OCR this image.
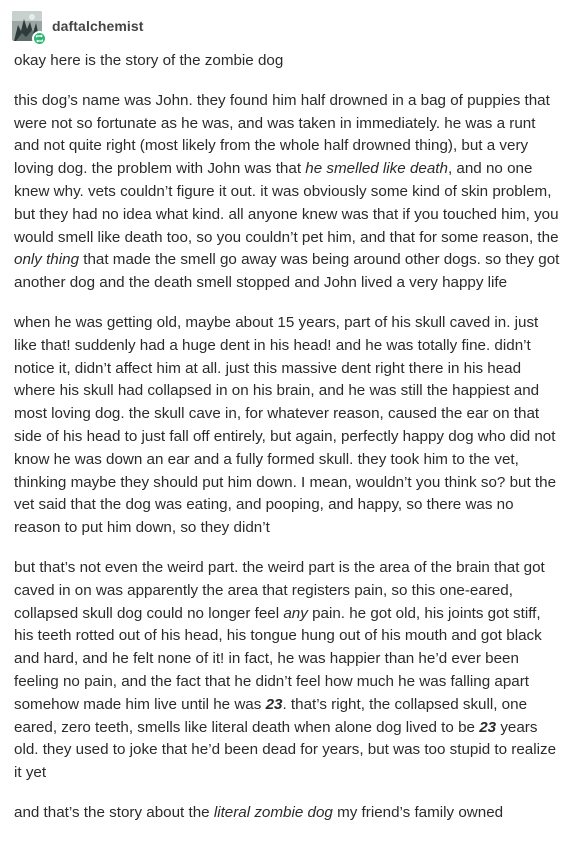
daftalchemist

okay here is the story of the zombie dog

this dog’s name was John. they found him half drowned in a bag of puppies that were not so fortunate as he was, and was taken in immediately. he was a runt and not quite right (most likely from the whole half drowned thing), but a very loving dog. the problem with John was that he smelled like death, and no one knew why. vets couldn’t figure it out. it was obviously some kind of skin problem, but they had no idea what kind. all anyone knew was that if you touched him, you would smell like death too, so you couldn’t pet him, and that for some reason, the only thing that made the smell go away was being around other dogs. so they got another dog and the death smell stopped and John lived a very happy life

when he was getting old, maybe about 15 years, part of his skull caved in. just like that! suddenly had a huge dent in his head! and he was totally fine. didn’t notice it, didn’t affect him at all. just this massive dent right there in his head where his skull had collapsed in on his brain, and he was still the happiest and most loving dog. the skull cave in, for whatever reason, caused the ear on that side of his head to just fall off entirely, but again, perfectly happy dog who did not know he was down an ear and a fully formed skull. they took him to the vet, thinking maybe they should put him down. I mean, wouldn’t you think so? but the vet said that the dog was eating, and pooping, and happy, so there was no reason to put him down, so they didn’t

but that’s not even the weird part. the weird part is the area of the brain that got caved in on was apparently the area that registers pain, so this one-eared, collapsed skull dog could no longer feel any pain. he got old, his joints got stiff, his teeth rotted out of his head, his tongue hung out of his mouth and got black and hard, and he felt none of it! in fact, he was happier than he’d ever been feeling no pain, and the fact that he didn’t feel how much he was falling apart somehow made him live until he was 23. that’s right, the collapsed skull, one eared, zero teeth, smells like literal death when alone dog lived to be 23 years old. they used to joke that he’d been dead for years, but was too stupid to realize it yet

and that’s the story about the literal zombie dog my friend’s family owned
